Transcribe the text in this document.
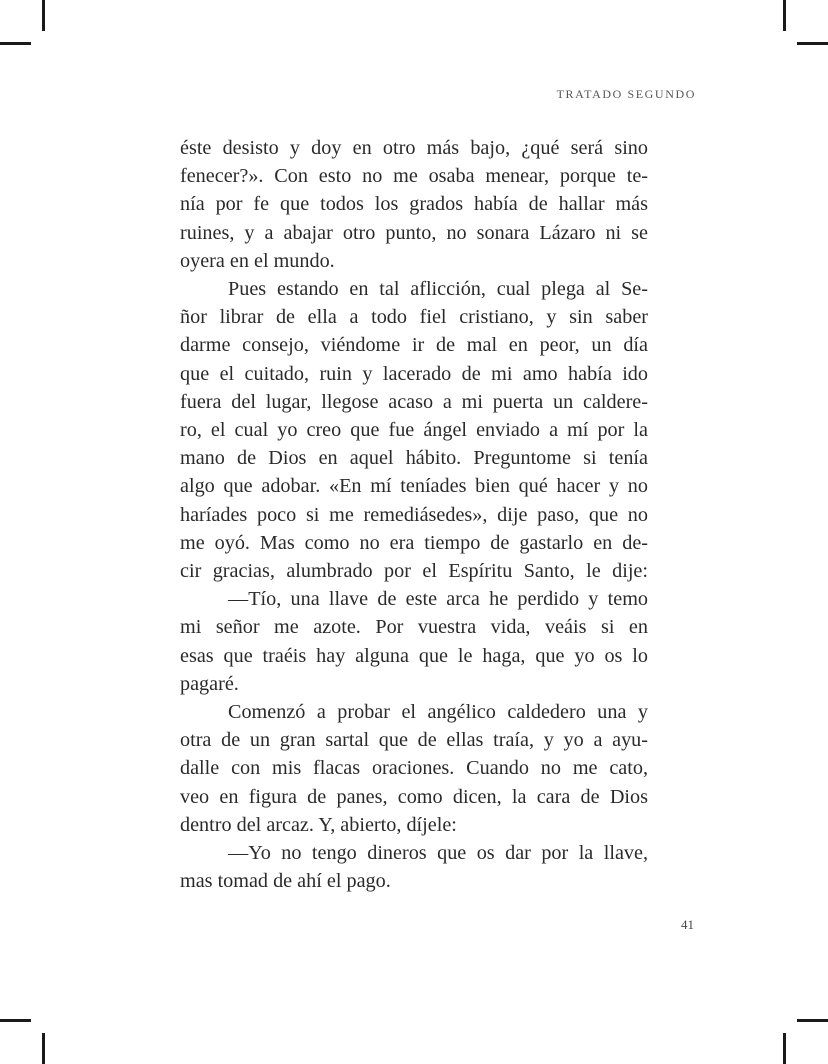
TRATADO SEGUNDO
éste desisto y doy en otro más bajo, ¿qué será sino
fenecer?». Con esto no me osaba menear, porque te-
nía por fe que todos los grados había de hallar más
ruines, y a abajar otro punto, no sonara Lázaro ni se
oyera en el mundo.
Pues estando en tal aflicción, cual plega al Se-
ñor librar de ella a todo fiel cristiano, y sin saber
darme consejo, viéndome ir de mal en peor, un día
que el cuitado, ruin y lacerado de mi amo había ido
fuera del lugar, llegose acaso a mi puerta un caldere-
ro, el cual yo creo que fue ángel enviado a mí por la
mano de Dios en aquel hábito. Preguntome si tenía
algo que adobar. «En mí teníades bien qué hacer y no
haríades poco si me remediásedes», dije paso, que no
me oyó. Mas como no era tiempo de gastarlo en de-
cir gracias, alumbrado por el Espíritu Santo, le dije:
—Tío, una llave de este arca he perdido y temo
mi señor me azote. Por vuestra vida, veáis si en
esas que traéis hay alguna que le haga, que yo os lo
pagaré.
Comenzó a probar el angélico caldedero una y
otra de un gran sartal que de ellas traía, y yo a ayu-
dalle con mis flacas oraciones. Cuando no me cato,
veo en figura de panes, como dicen, la cara de Dios
dentro del arcaz. Y, abierto, díjele:
—Yo no tengo dineros que os dar por la llave,
mas tomad de ahí el pago.
41
